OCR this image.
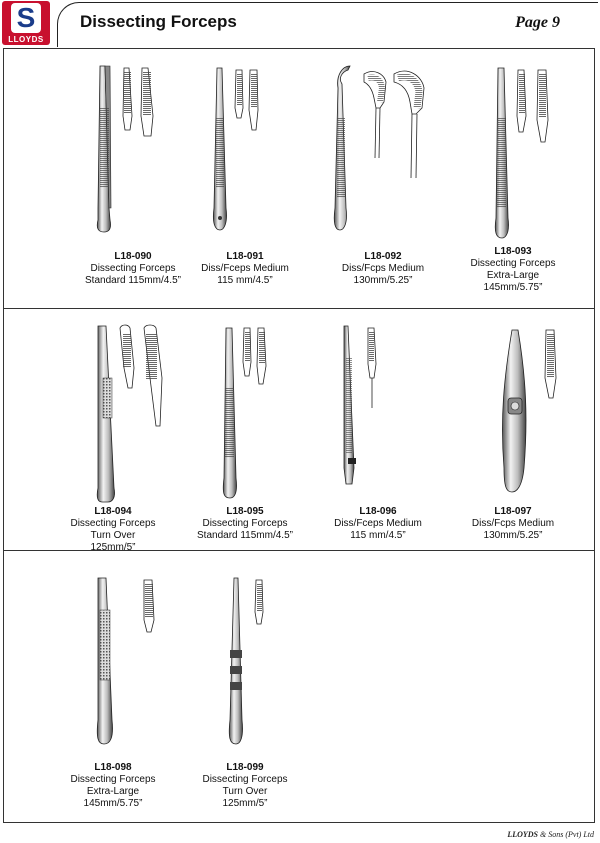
S
LLOYDS
Dissecting Forceps	Page 9
L18-090
Dissecting Forceps
Standard 115mm/4.5”
L18-091
Diss/Fceps Medium
115 mm/4.5”
L18-092
Diss/Fcps Medium
130mm/5.25”
L18-093
Dissecting Forceps
Extra-Large
145mm/5.75”
L18-094
Dissecting Forceps
Turn Over
125mm/5”
L18-095
Dissecting Forceps
Standard 115mm/4.5”
L18-096
Diss/Fceps Medium
115 mm/4.5”
L18-097
Diss/Fcps Medium
130mm/5.25”
L18-098
Dissecting Forceps
Extra-Large
145mm/5.75”
L18-099
Dissecting Forceps
Turn Over
125mm/5”
LLOYDS & Sons (Pvt) Ltd
